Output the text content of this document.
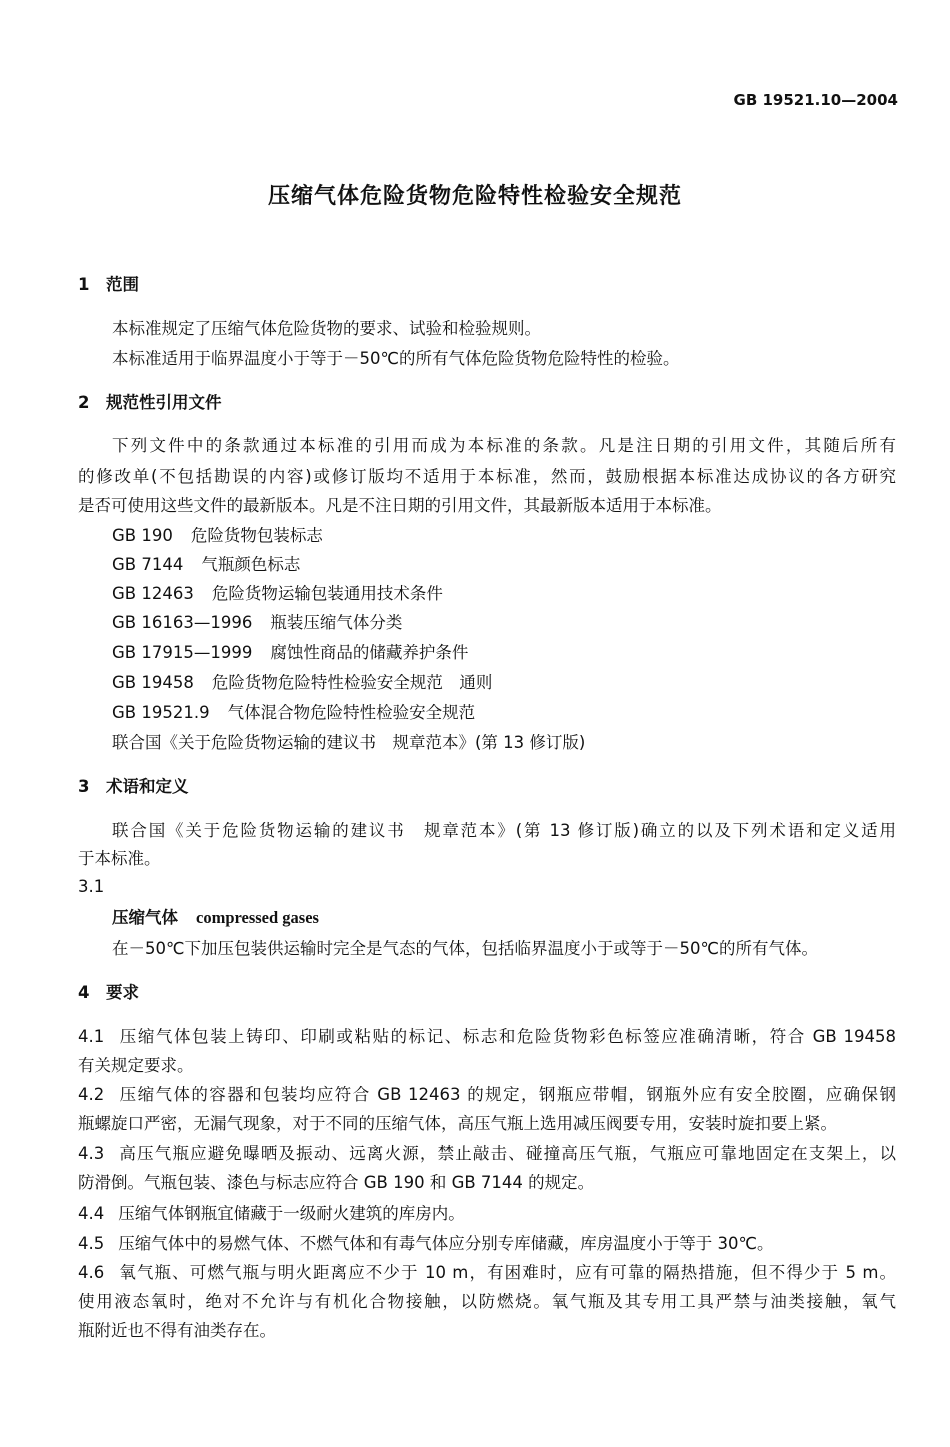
GB 19521.10—2004
压缩气体危险货物危险特性检验安全规范
1 范围
本标准规定了压缩气体危险货物的要求、试验和检验规则。
本标准适用于临界温度小于等于－50℃的所有气体危险货物危险特性的检验。
2 规范性引用文件
下列文件中的条款通过本标准的引用而成为本标准的条款。凡是注日期的引用文件，其随后所有
的修改单(不包括勘误的内容)或修订版均不适用于本标准，然而，鼓励根据本标准达成协议的各方研究
是否可使用这些文件的最新版本。凡是不注日期的引用文件，其最新版本适用于本标准。
GB 190 危险货物包装标志
GB 7144 气瓶颜色标志
GB 12463 危险货物运输包装通用技术条件
GB 16163—1996 瓶装压缩气体分类
GB 17915—1999 腐蚀性商品的储藏养护条件
GB 19458 危险货物危险特性检验安全规范　通则
GB 19521.9 气体混合物危险特性检验安全规范
联合国《关于危险货物运输的建议书　规章范本》(第 13 修订版)
3 术语和定义
联合国《关于危险货物运输的建议书　规章范本》(第 13 修订版)确立的以及下列术语和定义适用
于本标准。
3.1
压缩气体 compressed gases
在－50℃下加压包装供运输时完全是气态的气体，包括临界温度小于或等于－50℃的所有气体。
4 要求
4.1 压缩气体包装上铸印、印刷或粘贴的标记、标志和危险货物彩色标签应准确清晰，符合 GB 19458
有关规定要求。
4.2 压缩气体的容器和包装均应符合 GB 12463 的规定，钢瓶应带帽，钢瓶外应有安全胶圈，应确保钢
瓶螺旋口严密，无漏气现象，对于不同的压缩气体，高压气瓶上选用减压阀要专用，安装时旋扣要上紧。
4.3 高压气瓶应避免曝晒及振动、远离火源，禁止敲击、碰撞高压气瓶，气瓶应可靠地固定在支架上，以
防滑倒。气瓶包装、漆色与标志应符合 GB 190 和 GB 7144 的规定。
4.4 压缩气体钢瓶宜储藏于一级耐火建筑的库房内。
4.5 压缩气体中的易燃气体、不燃气体和有毒气体应分别专库储藏，库房温度小于等于 30℃。
4.6 氧气瓶、可燃气瓶与明火距离应不少于 10 m，有困难时，应有可靠的隔热措施，但不得少于 5 m。
使用液态氧时，绝对不允许与有机化合物接触，以防燃烧。氧气瓶及其专用工具严禁与油类接触，氧气
瓶附近也不得有油类存在。
